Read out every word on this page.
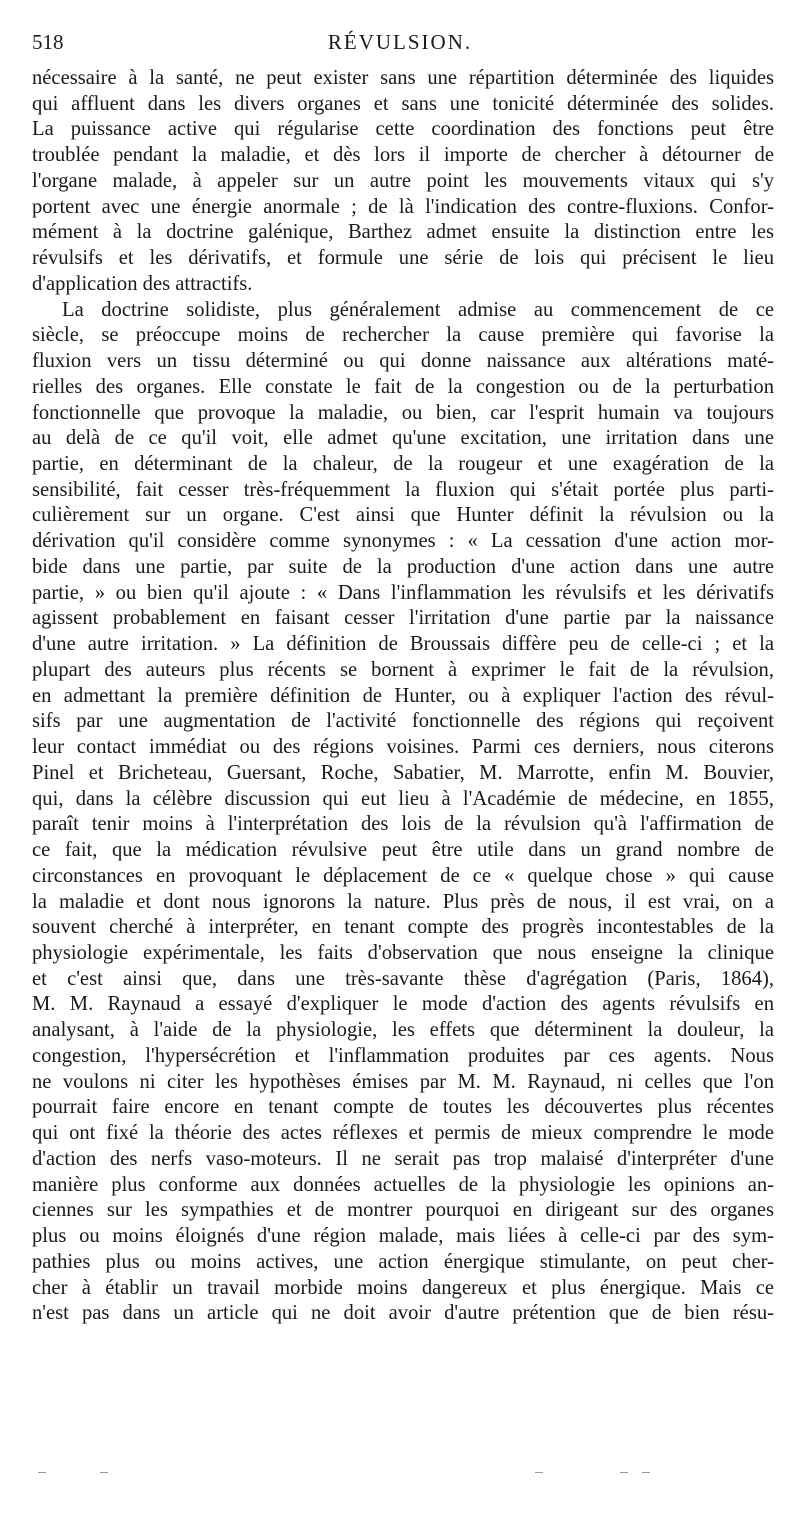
518	RÉVULSION.
nécessaire à la santé, ne peut exister sans une répartition déterminée des liquides
qui affluent dans les divers organes et sans une tonicité déterminée des solides.
La puissance active qui régularise cette coordination des fonctions peut être
troublée pendant la maladie, et dès lors il importe de chercher à détourner de
l'organe malade, à appeler sur un autre point les mouvements vitaux qui s'y
portent avec une énergie anormale ; de là l'indication des contre-fluxions. Confor-
mément à la doctrine galénique, Barthez admet ensuite la distinction entre les
révulsifs et les dérivatifs, et formule une série de lois qui précisent le lieu
d'application des attractifs.
La doctrine solidiste, plus généralement admise au commencement de ce
siècle, se préoccupe moins de rechercher la cause première qui favorise la
fluxion vers un tissu déterminé ou qui donne naissance aux altérations maté-
rielles des organes. Elle constate le fait de la congestion ou de la perturbation
fonctionnelle que provoque la maladie, ou bien, car l'esprit humain va toujours
au delà de ce qu'il voit, elle admet qu'une excitation, une irritation dans une
partie, en déterminant de la chaleur, de la rougeur et une exagération de la
sensibilité, fait cesser très-fréquemment la fluxion qui s'était portée plus parti-
culièrement sur un organe. C'est ainsi que Hunter définit la révulsion ou la
dérivation qu'il considère comme synonymes : « La cessation d'une action mor-
bide dans une partie, par suite de la production d'une action dans une autre
partie, » ou bien qu'il ajoute : « Dans l'inflammation les révulsifs et les dérivatifs
agissent probablement en faisant cesser l'irritation d'une partie par la naissance
d'une autre irritation. » La définition de Broussais diffère peu de celle-ci ; et la
plupart des auteurs plus récents se bornent à exprimer le fait de la révulsion,
en admettant la première définition de Hunter, ou à expliquer l'action des révul-
sifs par une augmentation de l'activité fonctionnelle des régions qui reçoivent
leur contact immédiat ou des régions voisines. Parmi ces derniers, nous citerons
Pinel et Bricheteau, Guersant, Roche, Sabatier, M. Marrotte, enfin M. Bouvier,
qui, dans la célèbre discussion qui eut lieu à l'Académie de médecine, en 1855,
paraît tenir moins à l'interprétation des lois de la révulsion qu'à l'affirmation de
ce fait, que la médication révulsive peut être utile dans un grand nombre de
circonstances en provoquant le déplacement de ce « quelque chose » qui cause
la maladie et dont nous ignorons la nature. Plus près de nous, il est vrai, on a
souvent cherché à interpréter, en tenant compte des progrès incontestables de la
physiologie expérimentale, les faits d'observation que nous enseigne la clinique
et c'est ainsi que, dans une très-savante thèse d'agrégation (Paris, 1864),
M. M. Raynaud a essayé d'expliquer le mode d'action des agents révulsifs en
analysant, à l'aide de la physiologie, les effets que déterminent la douleur, la
congestion, l'hypersécrétion et l'inflammation produites par ces agents. Nous
ne voulons ni citer les hypothèses émises par M. M. Raynaud, ni celles que l'on
pourrait faire encore en tenant compte de toutes les découvertes plus récentes
qui ont fixé la théorie des actes réflexes et permis de mieux comprendre le mode
d'action des nerfs vaso-moteurs. Il ne serait pas trop malaisé d'interpréter d'une
manière plus conforme aux données actuelles de la physiologie les opinions an-
ciennes sur les sympathies et de montrer pourquoi en dirigeant sur des organes
plus ou moins éloignés d'une région malade, mais liées à celle-ci par des sym-
pathies plus ou moins actives, une action énergique stimulante, on peut cher-
cher à établir un travail morbide moins dangereux et plus énergique. Mais ce
n'est pas dans un article qui ne doit avoir d'autre prétention que de bien résu-
